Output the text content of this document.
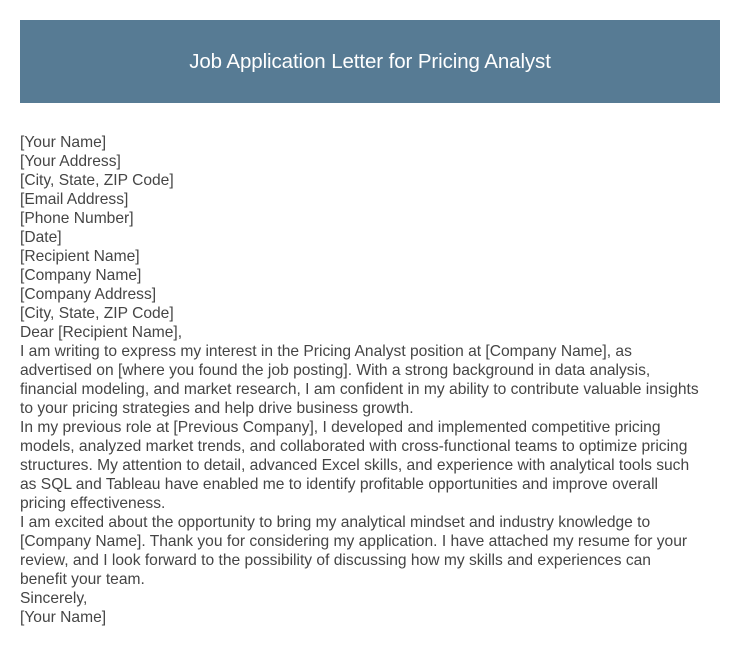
Job Application Letter for Pricing Analyst
[Your Name]
[Your Address]
[City, State, ZIP Code]
[Email Address]
[Phone Number]
[Date]
[Recipient Name]
[Company Name]
[Company Address]
[City, State, ZIP Code]
Dear [Recipient Name],
I am writing to express my interest in the Pricing Analyst position at [Company Name], as
advertised on [where you found the job posting]. With a strong background in data analysis,
financial modeling, and market research, I am confident in my ability to contribute valuable insights
to your pricing strategies and help drive business growth.
In my previous role at [Previous Company], I developed and implemented competitive pricing
models, analyzed market trends, and collaborated with cross-functional teams to optimize pricing
structures. My attention to detail, advanced Excel skills, and experience with analytical tools such
as SQL and Tableau have enabled me to identify profitable opportunities and improve overall
pricing effectiveness.
I am excited about the opportunity to bring my analytical mindset and industry knowledge to
[Company Name]. Thank you for considering my application. I have attached my resume for your
review, and I look forward to the possibility of discussing how my skills and experiences can
benefit your team.
Sincerely,
[Your Name]
